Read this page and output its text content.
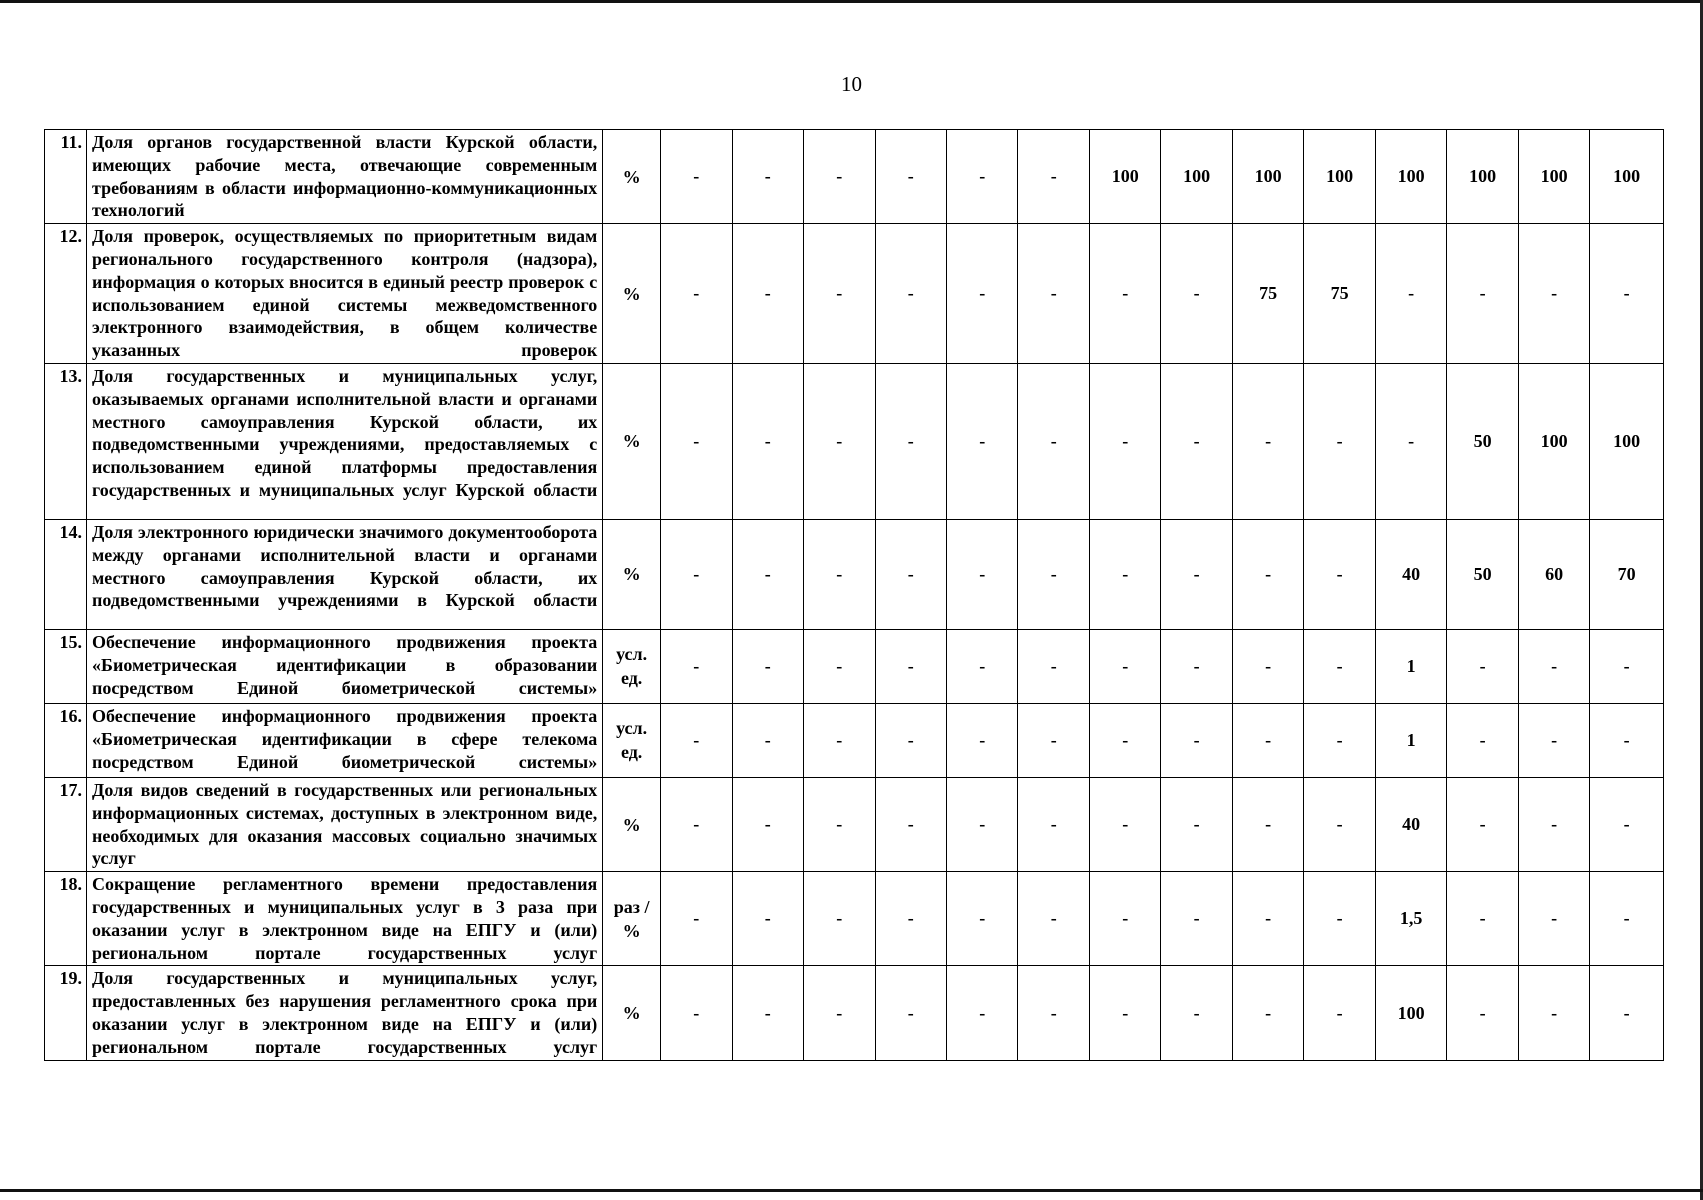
10
11.	Доля органов государственной власти Курской области, имеющих рабочие места, отвечающие современным требованиям в области информационно-коммуникационных технологий	%	-	-	-	-	-	-	100	100	100	100	100	100	100	100
12.	Доля проверок, осуществляемых по приоритетным видам регионального государственного контроля (надзора), информация о которых вносится в единый реестр проверок с использованием единой системы межведомственного электронного взаимодействия, в общем количестве указанных проверок	%	-	-	-	-	-	-	-	-	75	75	-	-	-	-
13.	Доля государственных и муниципальных услуг, оказываемых органами исполнительной власти и органами местного самоуправления Курской области, их подведомственными учреждениями, предоставляемых с использованием единой платформы предоставления государственных и муниципальных услуг Курской области	%	-	-	-	-	-	-	-	-	-	-	-	50	100	100
14.	Доля электронного юридически значимого документооборота между органами исполнительной власти и органами местного самоуправления Курской области, их подведомственными учреждениями в Курской области	%	-	-	-	-	-	-	-	-	-	-	40	50	60	70
15.	Обеспечение информационного продвижения проекта «Биометрическая идентификации в образовании посредством Единой биометрической системы»	усл. ед.	-	-	-	-	-	-	-	-	-	-	1	-	-	-
16.	Обеспечение информационного продвижения проекта «Биометрическая идентификации в сфере телекома посредством Единой биометрической системы»	усл. ед.	-	-	-	-	-	-	-	-	-	-	1	-	-	-
17.	Доля видов сведений в государственных или региональных информационных системах, доступных в электронном виде, необходимых для оказания массовых социально значимых услуг	%	-	-	-	-	-	-	-	-	-	-	40	-	-	-
18.	Сокращение регламентного времени предоставления государственных и муниципальных услуг в 3 раза при оказании услуг в электронном виде на ЕПГУ и (или) региональном портале государственных услуг	раз / %	-	-	-	-	-	-	-	-	-	-	1,5	-	-	-
19.	Доля государственных и муниципальных услуг, предоставленных без нарушения регламентного срока при оказании услуг в электронном виде на ЕПГУ и (или) региональном портале государственных услуг	%	-	-	-	-	-	-	-	-	-	-	100	-	-	-
